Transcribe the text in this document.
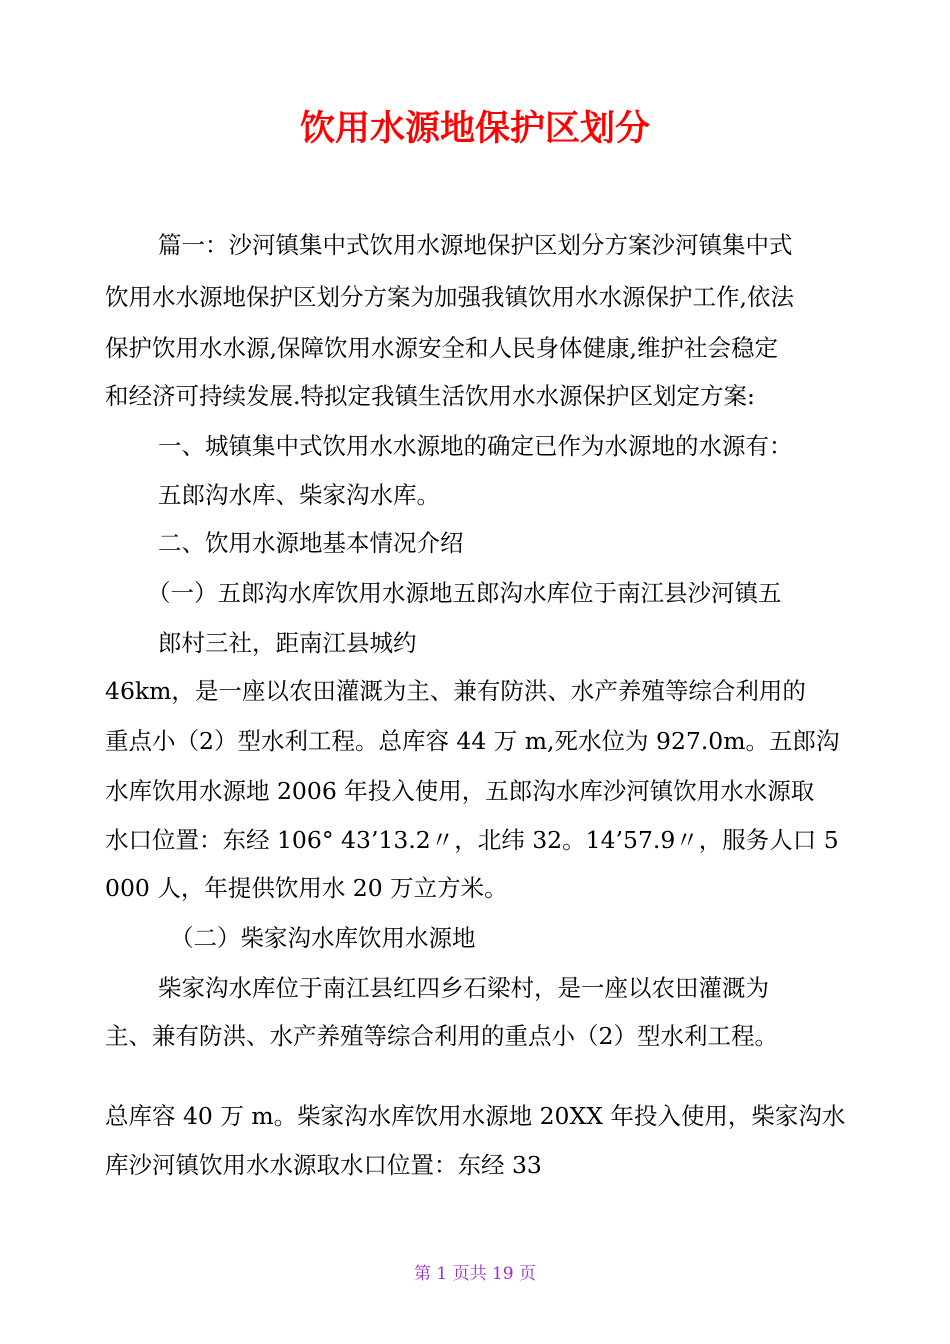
饮用水源地保护区划分

篇一：沙河镇集中式饮用水源地保护区划分方案沙河镇集中式

饮用水水源地保护区划分方案为加强我镇饮用水水源保护工作,依法

保护饮用水水源,保障饮用水源安全和人民身体健康,维护社会稳定

和经济可持续发展.特拟定我镇生活饮用水水源保护区划定方案:

一、城镇集中式饮用水水源地的确定已作为水源地的水源有：

五郎沟水库、柴家沟水库。

二、饮用水源地基本情况介绍

（一）五郎沟水库饮用水源地五郎沟水库位于南江县沙河镇五

郎村三社，距南江县城约

46km，是一座以农田灌溉为主、兼有防洪、水产养殖等综合利用的

重点小（2）型水利工程。总库容 44 万 m,死水位为 927.0m。五郎沟

水库饮用水源地 2006 年投入使用，五郎沟水库沙河镇饮用水水源取

水口位置：东经 106° 43’13.2〃，北纬 32。14’57.9〃，服务人口 5

000 人，年提供饮用水 20 万立方米。

（二）柴家沟水库饮用水源地

柴家沟水库位于南江县红四乡石梁村，是一座以农田灌溉为

主、兼有防洪、水产养殖等综合利用的重点小（2）型水利工程。

总库容 40 万 m。柴家沟水库饮用水源地 20XX 年投入使用，柴家沟水

库沙河镇饮用水水源取水口位置：东经 33

第 1 页共 19 页
